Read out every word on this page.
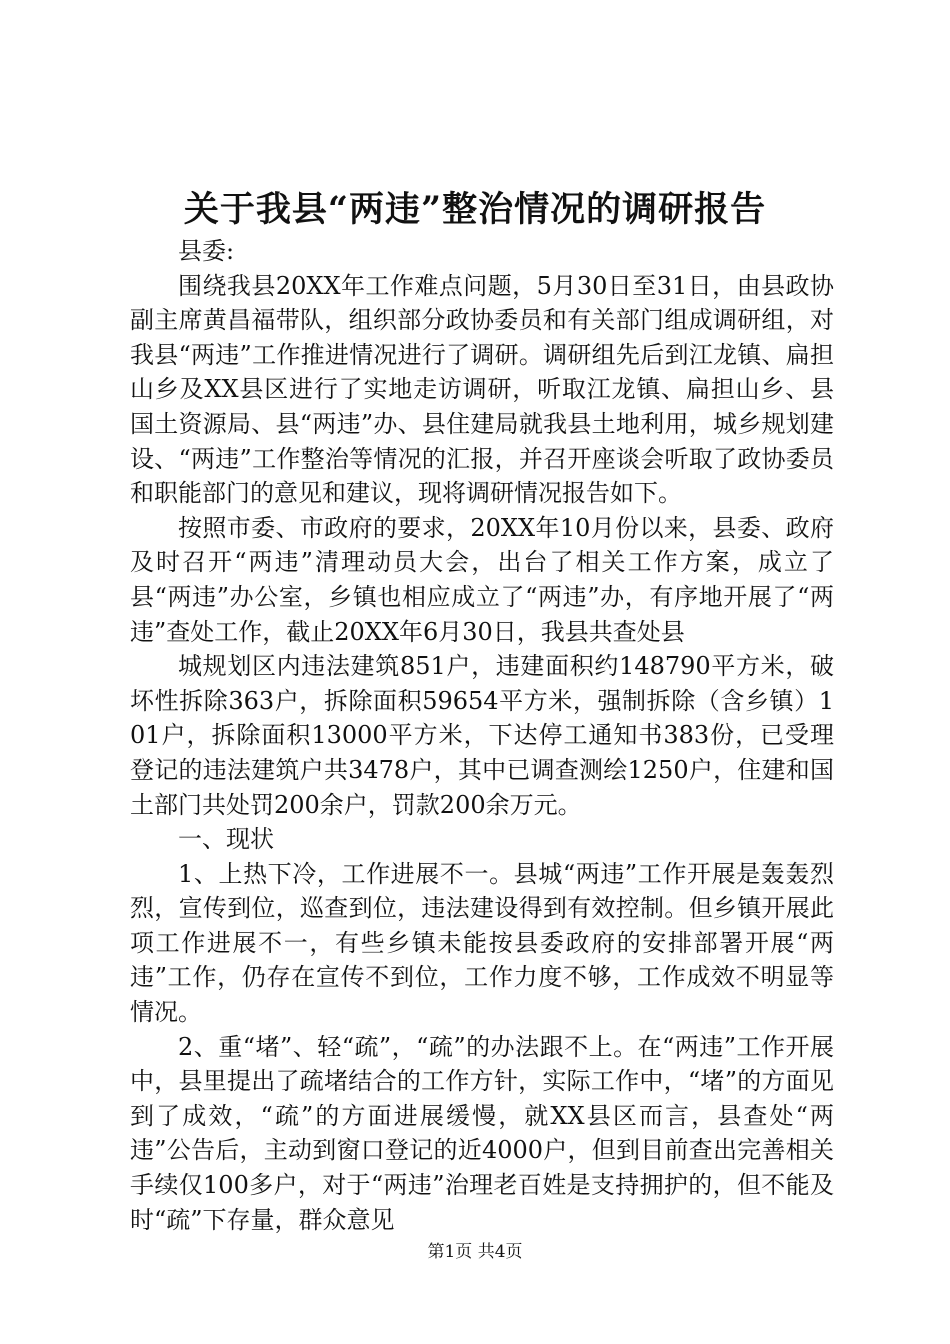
关于我县“两违”整治情况的调研报告

县委:

围绕我县20XX年工作难点问题，5月30日至31日，由县政协副主席黄昌福带队，组织部分政协委员和有关部门组成调研组，对我县“两违”工作推进情况进行了调研。调研组先后到江龙镇、扁担山乡及XX县区进行了实地走访调研，听取江龙镇、扁担山乡、县国土资源局、县“两违”办、县住建局就我县土地利用，城乡规划建设、“两违”工作整治等情况的汇报，并召开座谈会听取了政协委员和职能部门的意见和建议，现将调研情况报告如下。

按照市委、市政府的要求，20XX年10月份以来，县委、政府及时召开“两违”清理动员大会，出台了相关工作方案，成立了县“两违”办公室，乡镇也相应成立了“两违”办，有序地开展了“两违”查处工作，截止20XX年6月30日，我县共查处县

城规划区内违法建筑851户，违建面积约148790平方米，破坏性拆除363户，拆除面积59654平方米，强制拆除（含乡镇）101户，拆除面积13000平方米，下达停工通知书383份，已受理登记的违法建筑户共3478户，其中已调查测绘1250户，住建和国土部门共处罚200余户，罚款200余万元。

一、现状

1、上热下冷，工作进展不一。县城“两违”工作开展是轰轰烈烈，宣传到位，巡查到位，违法建设得到有效控制。但乡镇开展此项工作进展不一，有些乡镇未能按县委政府的安排部署开展“两违”工作，仍存在宣传不到位，工作力度不够，工作成效不明显等情况。

2、重“堵”、轻“疏”，“疏”的办法跟不上。在“两违”工作开展中，县里提出了疏堵结合的工作方针，实际工作中，“堵”的方面见到了成效，“疏”的方面进展缓慢，就XX县区而言，县查处“两违”公告后，主动到窗口登记的近4000户，但到目前查出完善相关手续仅100多户，对于“两违”治理老百姓是支持拥护的，但不能及时“疏”下存量，群众意见

第1页 共4页
